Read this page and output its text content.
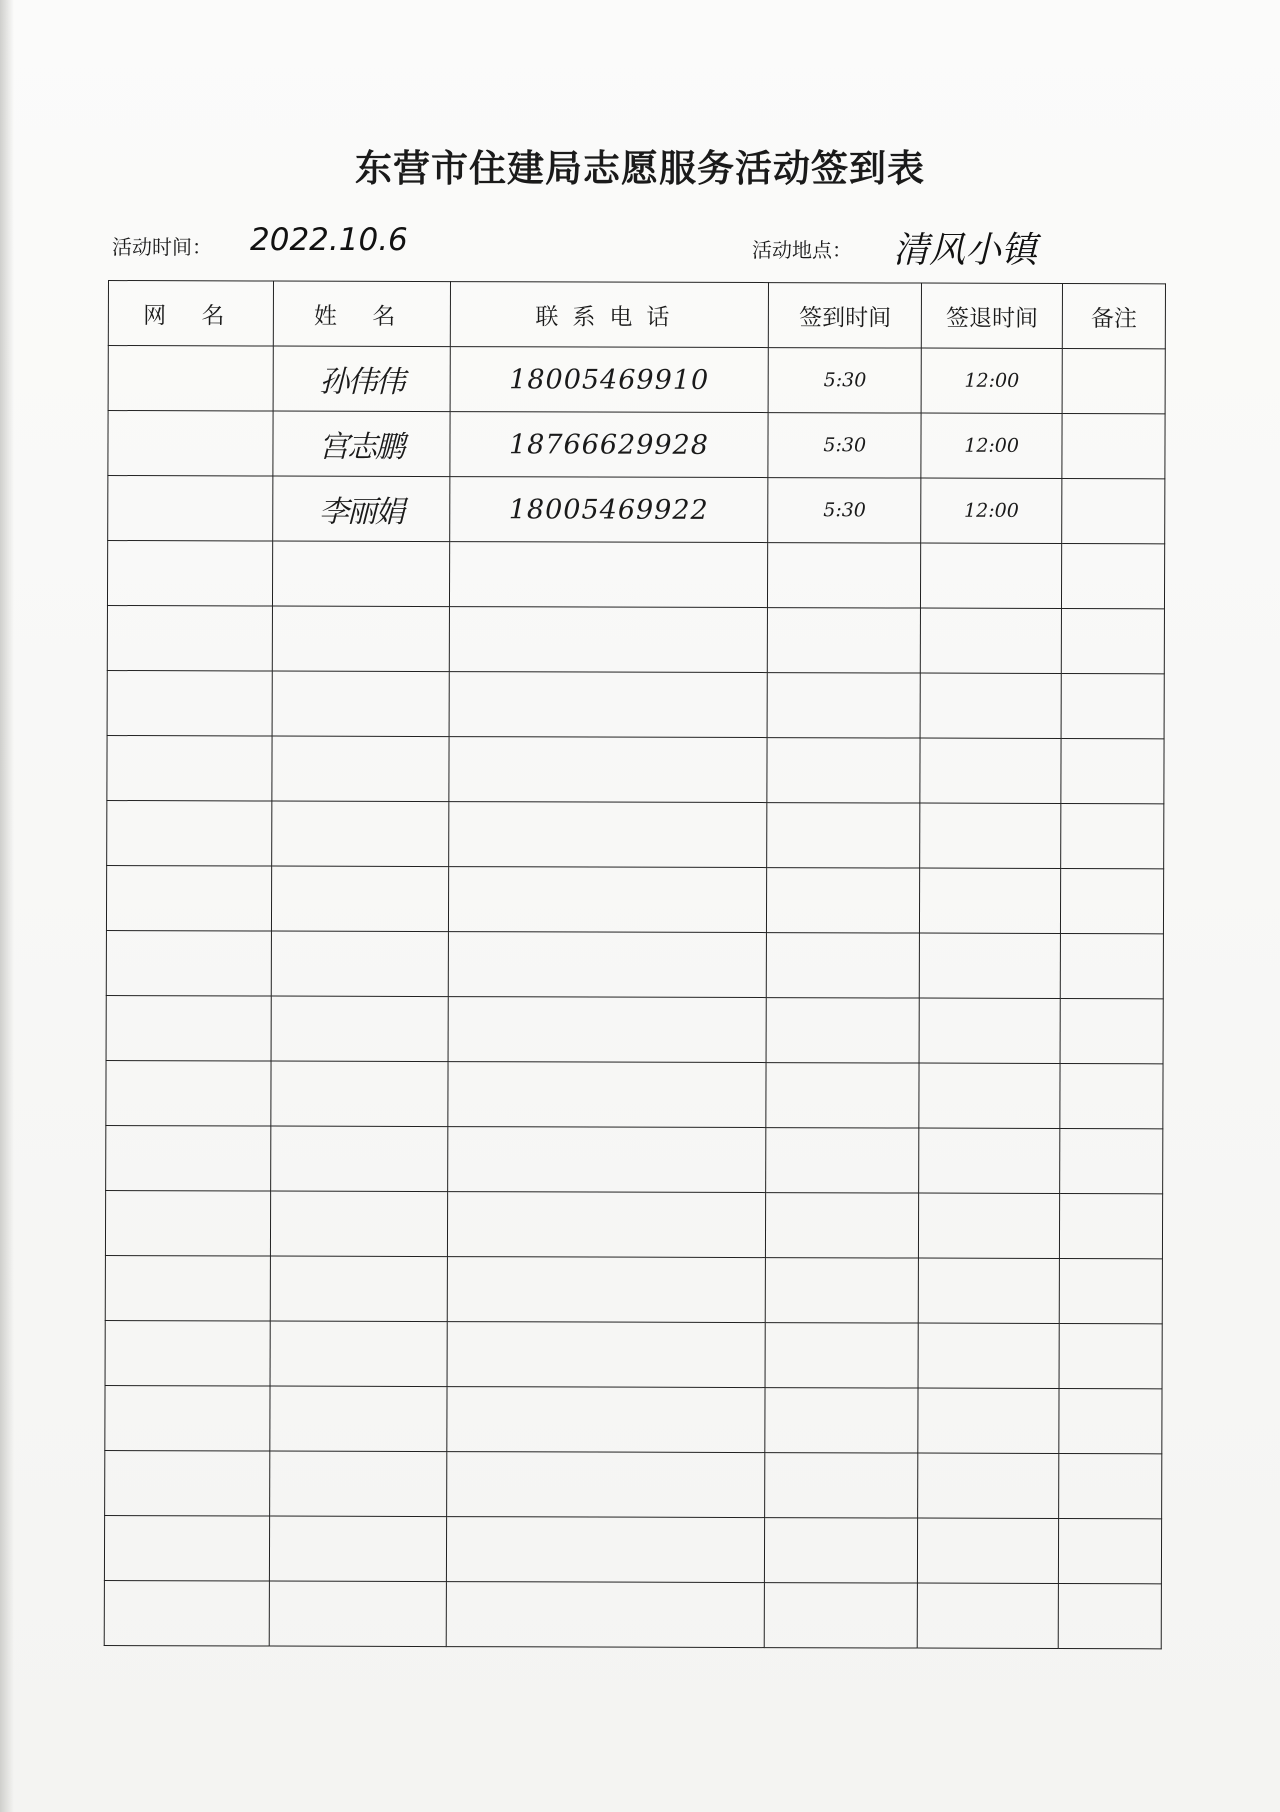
东营市住建局志愿服务活动签到表
活动时间： 2022.10.6	活动地点： 清风小镇
网 名	姓 名	联系电话	签到时间	签退时间	备注
	孙伟伟	18005469910	5:30	12:00	
	宫志鹏	18766629928	5:30	12:00	
	李丽娟	18005469922	5:30	12:00	
